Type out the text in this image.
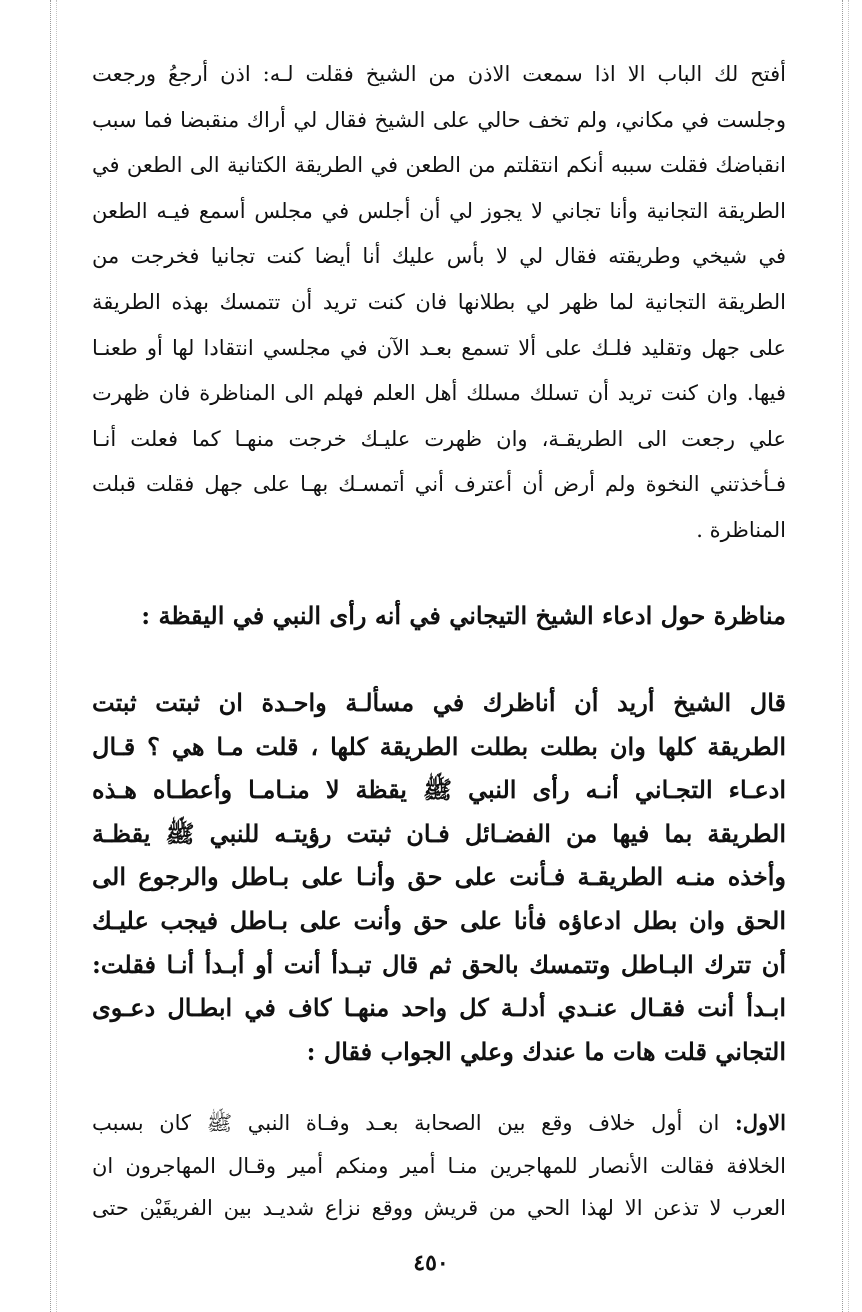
أفتح لك الباب الا اذا سمعت الاذن من الشيخ فقلت لـه: اذن أرجعُ ورجعت
وجلست في مكاني، ولم تخف حالي على الشيخ فقال لي أراك منقبضا فما سبب
انقباضك فقلت سببه أنكم انتقلتم من الطعن في الطريقة الكتانية الى الطعن في
الطريقة التجانية وأنا تجاني لا يجوز لي أن أجلس في مجلس أسمع فيـه الطعن
في شيخي وطريقته فقال لي لا بأس عليك أنا أيضا كنت تجانيا فخرجت من
الطريقة التجانية لما ظهر لي بطلانها فان كنت تريد أن تتمسك بهذه الطريقة
على جهل وتقليد فلـك على ألا تسمع بعـد الآن في مجلسي انتقادا لها أو طعنـا
فيها. وان كنت تريد أن تسلك مسلك أهل العلم فهلم الى المناظرة فان ظهرت
علي رجعت الى الطريقـة، وان ظهرت عليـك خرجت منهـا كما فعلت أنـا
فـأخذتني النخوة ولم أرض أن أعترف أني أتمسـك بهـا على جهل فقلت قبلت
المناظرة .
مناظرة حول ادعاء الشيخ التيجاني في أنه رأى النبي في اليقظة :
قال الشيخ أريد أن أناظرك في مسألـة واحـدة ان ثبتت ثبتت
الطريقة كلها وان بطلت بطلت الطريقة كلها ، قلت مـا هي ؟ قـال
ادعـاء التجـاني أنـه رأى النبي ﷺ يقظة لا منـامـا وأعطـاه هـذه
الطريقة بما فيها من الفضـائل فـان ثبتت رؤيتـه للنبي ﷺ يقظـة
وأخذه منـه الطريقـة فـأنت على حق وأنـا على بـاطل والرجوع الى
الحق وان بطل ادعاؤه فأنا على حق وأنت على بـاطل فيجب عليـك
أن تترك البـاطل وتتمسك بالحق ثم قال تبـدأ أنت أو أبـدأ أنـا فقلت:
ابـدأ أنت فقـال عنـدي أدلـة كل واحد منهـا كاف في ابطـال دعـوى
التجاني قلت هات ما عندك وعلي الجواب فقال :
الاول: ان أول خلاف وقع بين الصحابة بعـد وفـاة النبي ﷺ كان بسبب
الخلافة فقالت الأنصار للمهاجرين منـا أمير ومنكم أمير وقـال المهاجرون ان
العرب لا تذعن الا لهذا الحي من قريش ووقع نزاع شديـد بين الفريقَيْن حتى
٤٥٠
